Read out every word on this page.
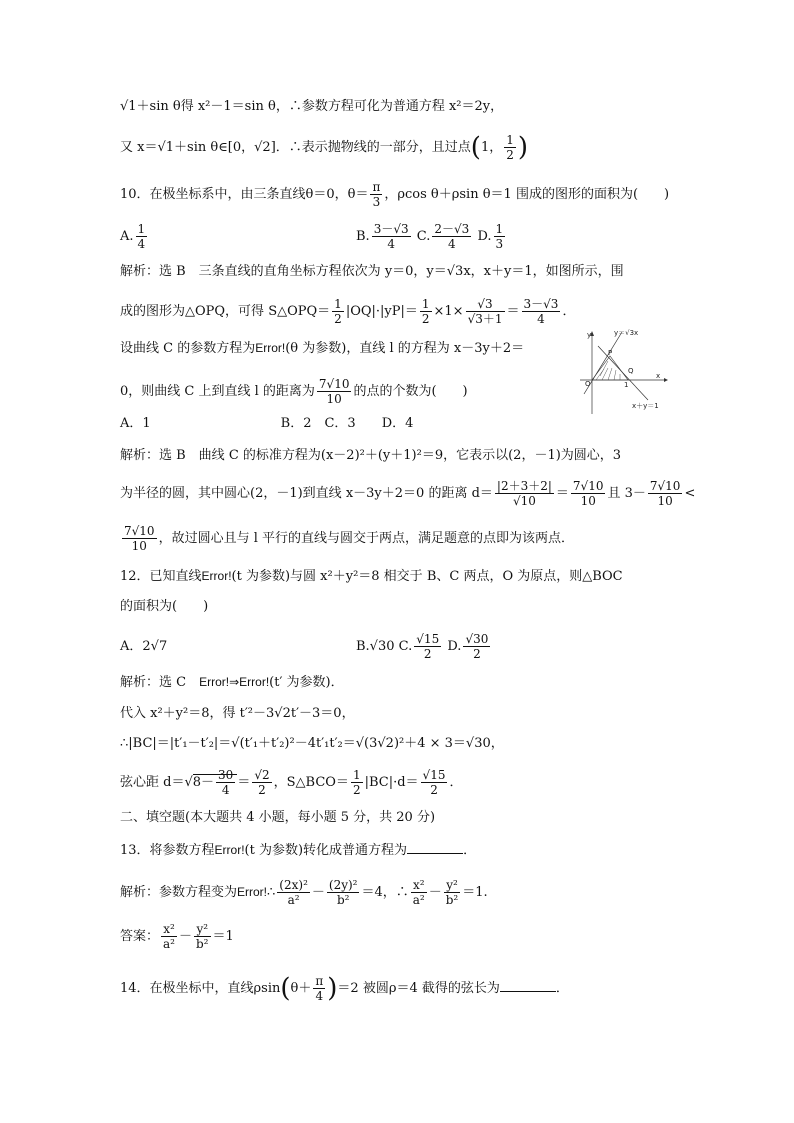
√1＋sin θ得 x²－1＝sin θ，∴参数方程可化为普通方程 x²＝2y，
又 x＝√1＋sin θ∈[0，√2]．∴表示抛物线的一部分，且过点(1， $\frac{1}{2}$ )
10．在极坐标系中，由三条直线θ＝0，$\theta= \frac{\pi}{3}$ ，ρcos θ＋ρsin θ＝1 围成的图形的面积为(　　)
A. $\frac{1}{4}$	B. $\frac{3-√3}{4} C$. $\frac{2-√3}{4} D$. $\frac{1}{3}$
解析：选 B　三条直线的直角坐标方程依次为 y＝0，y＝√3x，x＋y＝1，如图所示，围
成的图形为△OPQ，可得 S△OPQ＝ $\frac{1}{2} |OQ|\cdot|yP|= \frac{1}{2} \times 1\times \frac{√3}{√3+1} = \frac{3-√3}{4}$ ．
设曲线 C 的参数方程为Error!(θ 为参数)，直线 l 的方程为 x－3y＋2＝
0，则曲线 C 上到直线 l 的距离为 $\frac{7√10}{10}$ 的点的个数为(　　)
A．1　　　　　　　　　　B．2　C．3　　D．4
y	y＝√3x
P
Q
O	1
x
x＋y＝1
解析：选 B　曲线 C 的标准方程为(x－2)²＋(y＋1)²＝9，它表示以(2，－1)为圆心，3
为半径的圆，其中圆心(2，－1)到直线 x－3y＋2＝0 的距离 $d= \frac{|2+3+2|}{√10} = \frac{7√10}{10}$ 且 $3- \frac{7√10}{10}$ <
$\frac{7√10}{10}$ ，故过圆心且与 l 平行的直线与圆交于两点，满足题意的点即为该两点．
12．已知直线Error!(t 为参数)与圆 x²＋y²＝8 相交于 B、C 两点，O 为原点，则△BOC
的面积为(　　)
A．2√7	B.√30 C. $\frac{√15}{2} D$. $\frac{√30}{2}$
解析：选 C　Error!⇒Error!(t′ 为参数)．
代入 x²＋y²＝8，得 t′²－3√2t′－3＝0，
∴|BC|＝|t′₁－t′₂|＝√(t′₁＋t′₂)²－4t′₁t′₂＝√(3√2)²＋4 × 3＝√30，
弦心距 $d=√8- \frac{30}{4} = \frac{√2}{2}$ ，S△BCO＝ $\frac{1}{2} |BC|\cdot d= \frac{√15}{2}$ ．
二、填空题(本大题共 4 小题，每小题 5 分，共 20 分)
13．将参数方程Error!(t 为参数)转化成普通方程为	．
解析：参数方程变为Error!∴ $\frac{\text{(2x)²}}{\text{a²}} - \frac{\text{(2y)²}}{\text{b²}} =4$，∴ $\frac{\text{x²}}{\text{a²}} - \frac{\text{y²}}{\text{b²}} =1$.
答案： $\frac{\text{x²}}{\text{a²}} - \frac{\text{y²}}{\text{b²}} =1$
14．在极坐标中，直线$\rho\sin(\theta+ \frac{\pi}{4} )=2$ 被圆ρ＝4 截得的弦长为	．
